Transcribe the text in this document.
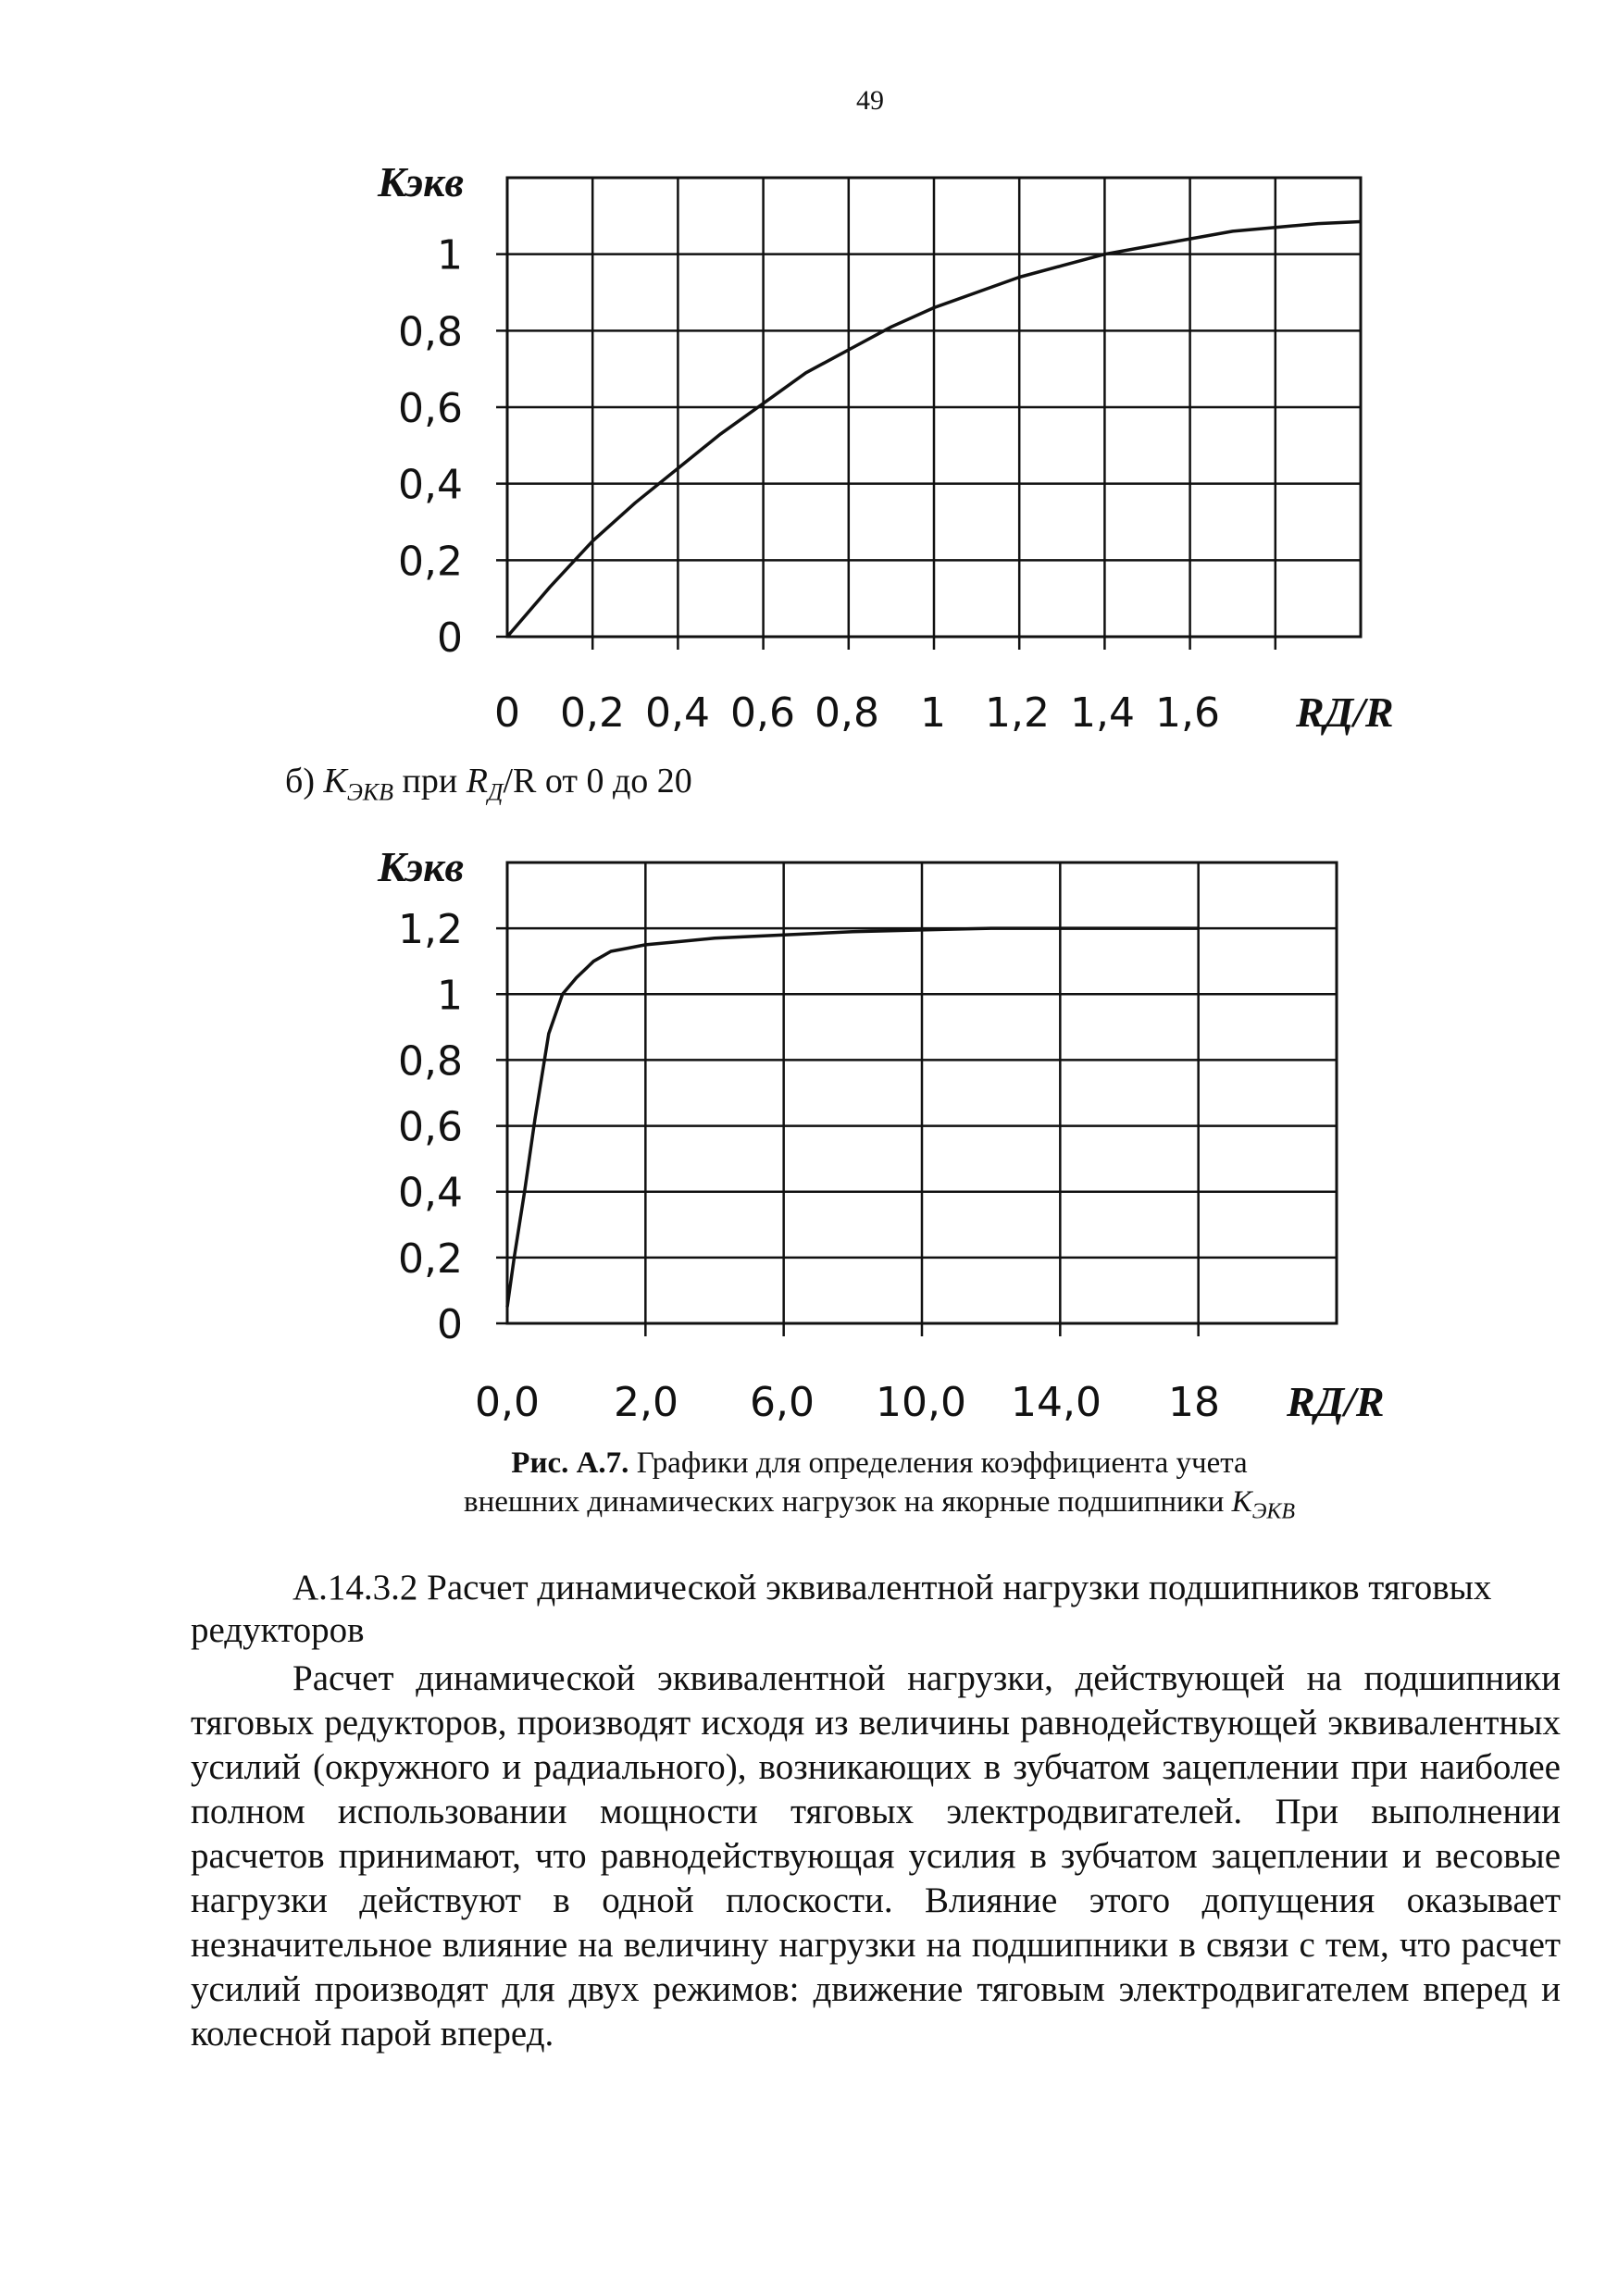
49
0
0,2
0,4
0,6
0,8
1
0 0,2 0,4 0,6 0,8 1 1,2 1,4 1,6
Кэкв
RД/R
0
0,2
0,4
0,6
0,8
1
1,2
0,0 2,0 6,0 10,0 14,0 18
Кэкв
RД/R
б) $K_{ЭКВ}$ при $R_Д/R$ от 0 до 20
Рис. А.7. Графики для определения коэффициента учета
внешних динамических нагрузок на якорные подшипники $K_{ЭКВ}$
А.14.3.2 Расчет динамической эквивалентной нагрузки подшипников тяговых редукторов
Расчет динамической эквивалентной нагрузки, действующей на подшипники тяговых редукторов, производят исходя из величины равнодействующей эквивалентных усилий (окружного и радиального), возникающих в зубчатом зацеплении при наиболее полном использовании мощности тяговых электродвигателей. При выполнении расчетов принимают, что равнодействующая усилия в зубчатом зацеплении и весовые нагрузки действуют в одной плоскости. Влияние этого допущения оказывает незначительное влияние на величину нагрузки на подшипники в связи с тем, что расчет усилий производят для двух режимов: движение тяговым электродвигателем вперед и колесной парой вперед.
